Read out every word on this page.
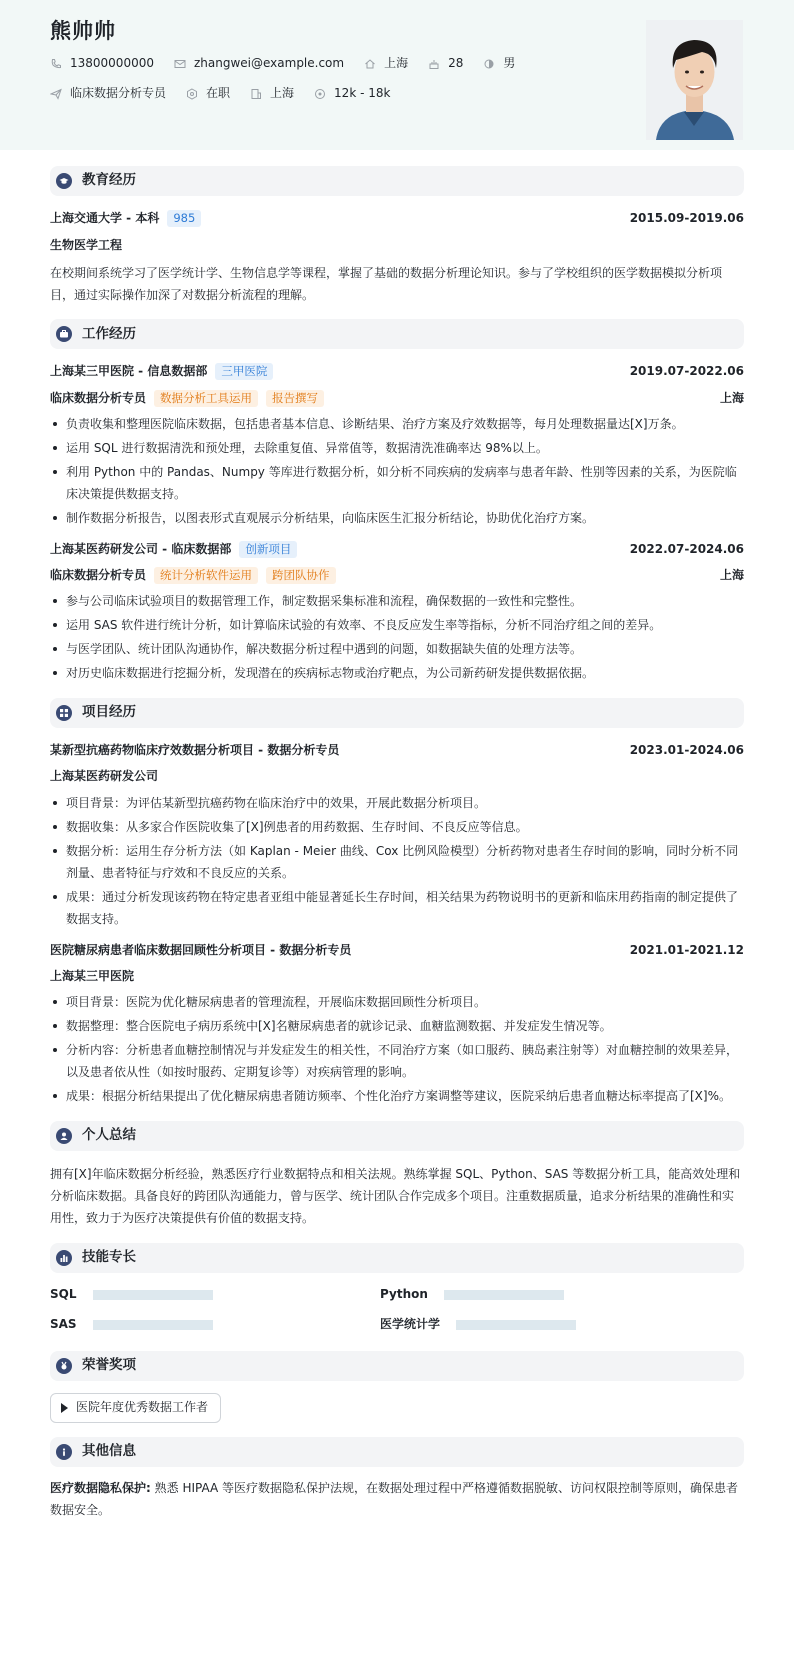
熊帅帅
13800000000	zhangwei@example.com	上海	28	男
临床数据分析专员	在职	上海	12k - 18k
教育经历
上海交通大学 - 本科	985	2015.09-2019.06
生物医学工程
在校期间系统学习了医学统计学、生物信息学等课程，掌握了基础的数据分析理论知识。参与了学校组织的医学数据模拟分析项目，通过实际操作加深了对数据分析流程的理解。
工作经历
上海某三甲医院 - 信息数据部	三甲医院	2019.07-2022.06
临床数据分析专员	数据分析工具运用	报告撰写	上海
负责收集和整理医院临床数据，包括患者基本信息、诊断结果、治疗方案及疗效数据等，每月处理数据量达[X]万条。
运用 SQL 进行数据清洗和预处理，去除重复值、异常值等，数据清洗准确率达 98%以上。
利用 Python 中的 Pandas、Numpy 等库进行数据分析，如分析不同疾病的发病率与患者年龄、性别等因素的关系，为医院临床决策提供数据支持。
制作数据分析报告，以图表形式直观展示分析结果，向临床医生汇报分析结论，协助优化治疗方案。
上海某医药研发公司 - 临床数据部	创新项目	2022.07-2024.06
临床数据分析专员	统计分析软件运用	跨团队协作	上海
参与公司临床试验项目的数据管理工作，制定数据采集标准和流程，确保数据的一致性和完整性。
运用 SAS 软件进行统计分析，如计算临床试验的有效率、不良反应发生率等指标，分析不同治疗组之间的差异。
与医学团队、统计团队沟通协作，解决数据分析过程中遇到的问题，如数据缺失值的处理方法等。
对历史临床数据进行挖掘分析，发现潜在的疾病标志物或治疗靶点，为公司新药研发提供数据依据。
项目经历
某新型抗癌药物临床疗效数据分析项目 - 数据分析专员	2023.01-2024.06
上海某医药研发公司
项目背景：为评估某新型抗癌药物在临床治疗中的效果，开展此数据分析项目。
数据收集：从多家合作医院收集了[X]例患者的用药数据、生存时间、不良反应等信息。
数据分析：运用生存分析方法（如 Kaplan - Meier 曲线、Cox 比例风险模型）分析药物对患者生存时间的影响，同时分析不同剂量、患者特征与疗效和不良反应的关系。
成果：通过分析发现该药物在特定患者亚组中能显著延长生存时间，相关结果为药物说明书的更新和临床用药指南的制定提供了数据支持。
医院糖尿病患者临床数据回顾性分析项目 - 数据分析专员	2021.01-2021.12
上海某三甲医院
项目背景：医院为优化糖尿病患者的管理流程，开展临床数据回顾性分析项目。
数据整理：整合医院电子病历系统中[X]名糖尿病患者的就诊记录、血糖监测数据、并发症发生情况等。
分析内容：分析患者血糖控制情况与并发症发生的相关性，不同治疗方案（如口服药、胰岛素注射等）对血糖控制的效果差异，以及患者依从性（如按时服药、定期复诊等）对疾病管理的影响。
成果：根据分析结果提出了优化糖尿病患者随访频率、个性化治疗方案调整等建议，医院采纳后患者血糖达标率提高了[X]%。
个人总结
拥有[X]年临床数据分析经验，熟悉医疗行业数据特点和相关法规。熟练掌握 SQL、Python、SAS 等数据分析工具，能高效处理和分析临床数据。具备良好的跨团队沟通能力，曾与医学、统计团队合作完成多个项目。注重数据质量，追求分析结果的准确性和实用性，致力于为医疗决策提供有价值的数据支持。
技能专长
SQL	Python
SAS	医学统计学
荣誉奖项
医院年度优秀数据工作者
其他信息
医疗数据隐私保护: 熟悉 HIPAA 等医疗数据隐私保护法规，在数据处理过程中严格遵循数据脱敏、访问权限控制等原则，确保患者数据安全。
